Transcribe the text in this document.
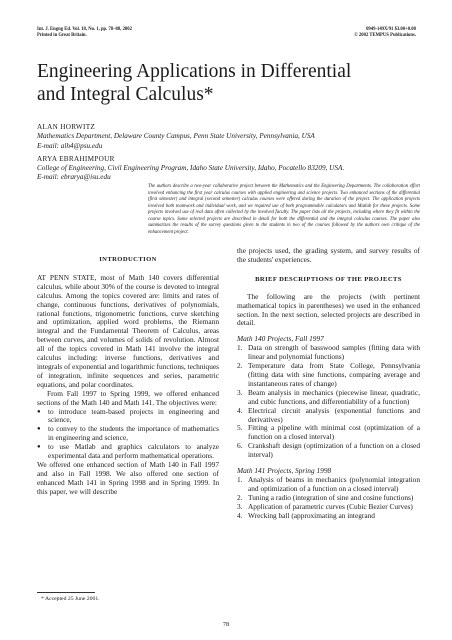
Int. J. Engng Ed. Vol. 18, No. 1, pp. 78–88, 2002
Printed in Great Britain.
0949-149X/91 $3.00+0.00
© 2002 TEMPUS Publications.
Engineering Applications in Differential
and Integral Calculus*
ALAN HORWITZ
Mathematics Department, Delaware County Campus, Penn State University, Pennsylvania, USA
E-mail: alh4@psu.edu
ARYA EBRAHIMPOUR
College of Engineering, Civil Engineering Program, Idaho State University, Idaho, Pocatello 83209, USA.
E-mail: ebrarya@isu.edu

The authors describe a two-year collaborative project between the Mathematics and the Engineering Departments. The collaboration effort involved enhancing the first year calculus courses with applied engineering and science projects. Two enhanced sections of the differential (first semester) and integral (second semester) calculus courses were offered during the duration of the project. The application projects involved both teamwork and individual work, and we required use of both programmable calculators and Matlab for these projects. Some projects involved use of real data often collected by the involved faculty. The paper lists all the projects, including where they fit within the course topics. Some selected projects are described in detail for both the differential and the integral calculus courses. The paper also summarizes the results of the survey questions given to the students in two of the courses followed by the authors own critique of the enhancement project.

INTRODUCTION

AT PENN STATE, most of Math 140 covers differential calculus, while about 30% of the course is devoted to integral calculus. Among the topics covered are: limits and rates of change, continuous functions, derivatives of polynomials, rational functions, trigonometric functions, curve sketching and optimization, applied word problems, the Riemann integral and the Fundamental Theorem of Calculus, areas between curves, and volumes of solids of revolution. Almost all of the topics covered in Math 141 involve the integral calculus including: inverse functions, derivatives and integrals of exponential and logarithmic functions, techniques of integration, infinite sequences and series, parametric equations, and polar coordinates.

From Fall 1997 to Spring 1999, we offered enhanced sections of the Math 140 and Math 141. The objectives were:

● to introduce team-based projects in engineering and science,
● to convey to the students the importance of mathematics in engineering and science,
● to use Matlab and graphics calculators to analyze experimental data and perform mathematical operations.

We offered one enhanced section of Math 140 in Fall 1997 and also in Fall 1998. We also offered one section of enhanced Math 141 in Spring 1998 and in Spring 1999. In this paper, we will describe

the projects used, the grading system, and survey results of the students' experiences.

BRIEF DESCRIPTIONS OF THE PROJECTS

The following are the projects (with pertinent mathematical topics in parentheses) we used in the enhanced section. In the next section, selected projects are described in detail.

Math 140 Projects, Fall 1997
1. Data on strength of basswood samples (fitting data with linear and polynomial functions)
2. Temperature data from State College, Pennsylvania (fitting data with sine functions, comparing average and instantaneous rates of change)
3. Beam analysis in mechanics (piecewise linear, quadratic, and cubic functions, and differentiability of a function)
4. Electrical circuit analysis (exponential functions and derivatives)
5. Fitting a pipeline with minimal cost (optimization of a function on a closed interval)
6. Crankshaft design (optimization of a function on a closed interval)
Math 141 Projects, Spring 1998
1. Analysis of beams in mechanics (polynomial integration and optimization of a function on a closed interval)
2. Tuning a radio (integration of sine and cosine functions)
3. Application of parametric curves (Cubic Bezier Curves)
4. Wrecking ball (approximating an integrand
* Accepted 25 June 2001.
78
